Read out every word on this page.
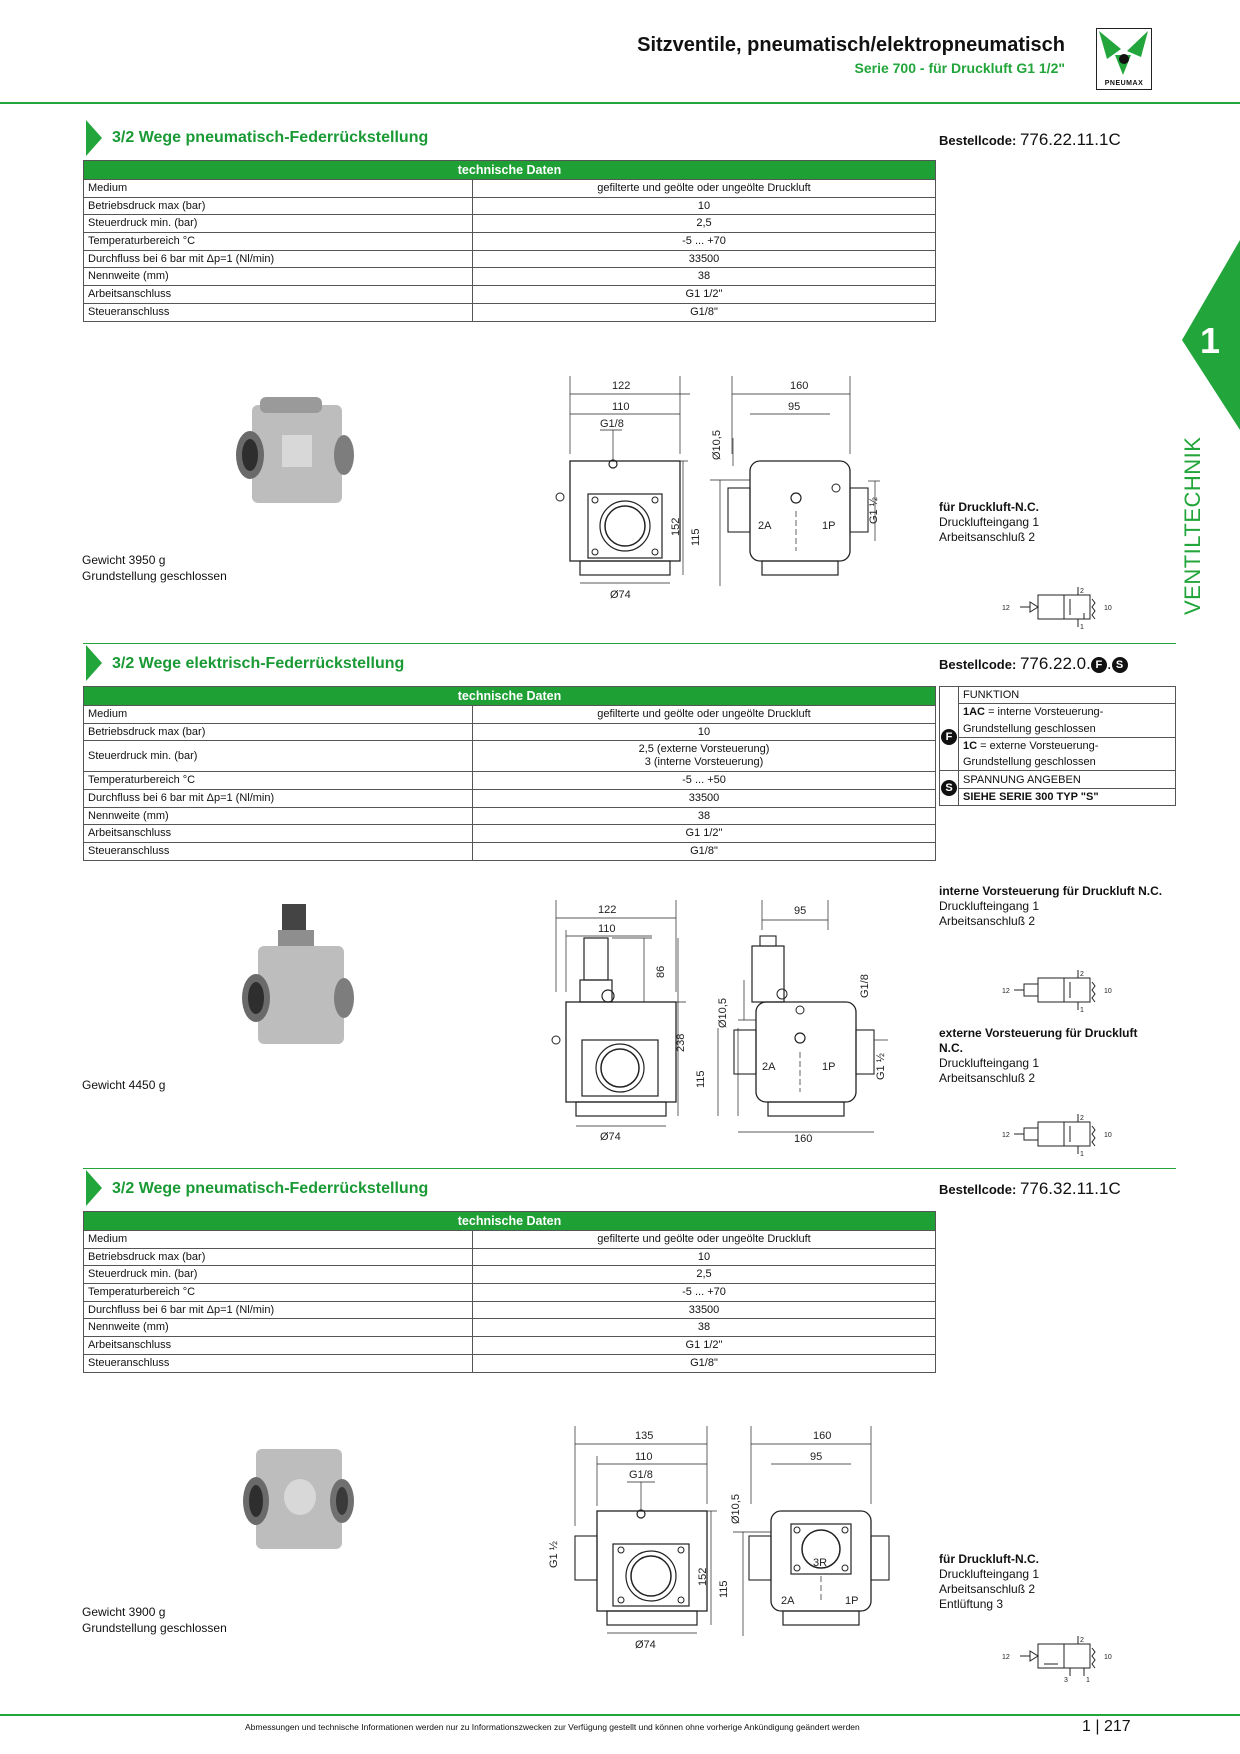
Sitzventile, pneumatisch/elektropneumatisch
Serie 700 - für Druckluft G1 1/2"
PNEUMAX
1
VENTILTECHNIK
3/2 Wege pneumatisch-Federrückstellung	Bestellcode: 776.22.11.1C
technische Daten	
Medium	gefilterte und geölte oder ungeölte Druckluft
Betriebsdruck max (bar)	10
Steuerdruck min. (bar)	2,5
Temperaturbereich °C	-5 ... +70
Durchfluss bei 6 bar mit Δp=1 (Nl/min)	33500
Nennweite (mm)	38
Arbeitsanschluss	G1 1/2"
Steueranschluss	G1/8"
Gewicht 3950 g
Grundstellung geschlossen
122
110
G1/8
Ø74
152
160
95
Ø10,5
115
G1 ½
2A	1P
für Druckluft-N.C.
Drucklufteingang 1
Arbeitsanschluß 2
12	10
2
1
3/2 Wege elektrisch-Federrückstellung	Bestellcode: 776.22.0. F . S
technische Daten	
Medium	gefilterte und geölte oder ungeölte Druckluft
Betriebsdruck max (bar)	10
Steuerdruck min. (bar)	2,5 (externe Vorsteuerung)
3 (interne Vorsteuerung)
Temperaturbereich °C	-5 ... +50
Durchfluss bei 6 bar mit Δp=1 (Nl/min)	33500
Nennweite (mm)	38
Arbeitsanschluss	G1 1/2"
Steueranschluss	G1/8"
	FUNKTION
F	1AC = interne Vorsteuerung-
	Grundstellung geschlossen
	1C = externe Vorsteuerung-
	Grundstellung geschlossen
S	SPANNUNG ANGEBEN
	SIEHE SERIE 300 TYP "S"
Gewicht 4450 g
122
110
86
238
Ø74
95
G1/8
Ø10,5
115	G1 ½
160
2A	1P
interne Vorsteuerung für Druckluft N.C.
Drucklufteingang 1
Arbeitsanschluß 2
12	10
2
1
externe Vorsteuerung für Druckluft
N.C.
Drucklufteingang 1
Arbeitsanschluß 2
12	10
2
1
3/2 Wege pneumatisch-Federrückstellung	Bestellcode: 776.32.11.1C
technische Daten	
Medium	gefilterte und geölte oder ungeölte Druckluft
Betriebsdruck max (bar)	10
Steuerdruck min. (bar)	2,5
Temperaturbereich °C	-5 ... +70
Durchfluss bei 6 bar mit Δp=1 (Nl/min)	33500
Nennweite (mm)	38
Arbeitsanschluss	G1 1/2"
Steueranschluss	G1/8"
Gewicht 3900 g
Grundstellung geschlossen
135
110
G1/8
G1 ½
152
Ø74
160
95
Ø10,5
115
2A	1P
3R	für Druckluft-N.C.
Drucklufteingang 1
Arbeitsanschluß 2
Entlüftung 3
12	10
2
1
3
Abmessungen und technische Informationen werden nur zu Informationszwecken zur Verfügung gestellt und können ohne vorherige Ankündigung geändert werden	1 | 217
